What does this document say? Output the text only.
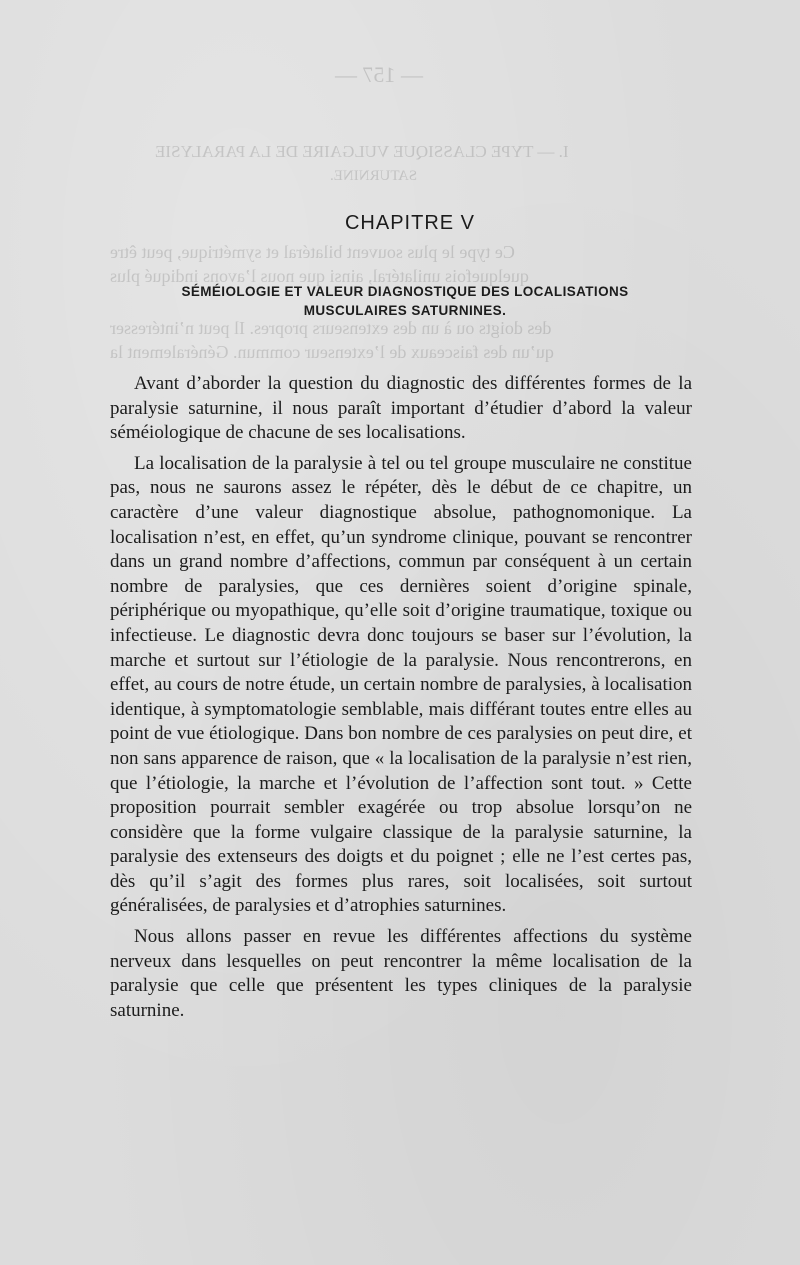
— 157 —
I. — TYPE CLASSIQUE VULGAIRE DE LA PARALYSIE
SATURNINE.
Ce type le plus souvent bilatéral et symétrique, peut être
quelquefois unilatéral, ainsi que nous l’avons indiqué plus
des doigts ou à un des extenseurs propres. Il peut n’intéresser
qu’un des faisceaux de l’extenseur commun. Généralement la
CHAPITRE V
SÉMÉIOLOGIE ET VALEUR DIAGNOSTIQUE DES LOCALISATIONS
MUSCULAIRES SATURNINES.

Avant d’aborder la question du diagnostic des différentes formes de la paralysie saturnine, il nous paraît important d’étudier d’abord la valeur séméiologique de chacune de ses localisations.

La localisation de la paralysie à tel ou tel groupe musculaire ne constitue pas, nous ne saurons assez le répéter, dès le début de ce chapitre, un caractère d’une valeur diagnostique absolue, pathognomonique. La localisation n’est, en effet, qu’un syndrome clinique, pouvant se rencontrer dans un grand nombre d’affections, commun par conséquent à un certain nombre de paralysies, que ces dernières soient d’origine spinale, périphérique ou myopathique, qu’elle soit d’origine traumatique, toxique ou infectieuse. Le diagnostic devra donc toujours se baser sur l’évolution, la marche et surtout sur l’étiologie de la paralysie. Nous rencontrerons, en effet, au cours de notre étude, un certain nombre de paralysies, à localisation identique, à symptomatologie semblable, mais différant toutes entre elles au point de vue étiologique. Dans bon nombre de ces paralysies on peut dire, et non sans apparence de raison, que « la localisation de la paralysie n’est rien, que l’étiologie, la marche et l’évolution de l’affection sont tout. » Cette proposition pourrait sembler exagérée ou trop absolue lorsqu’on ne considère que la forme vulgaire classique de la paralysie saturnine, la paralysie des extenseurs des doigts et du poignet ; elle ne l’est certes pas, dès qu’il s’agit des formes plus rares, soit localisées, soit surtout généralisées, de paralysies et d’atrophies saturnines.

Nous allons passer en revue les différentes affections du système nerveux dans lesquelles on peut rencontrer la même localisation de la paralysie que celle que présentent les types cliniques de la paralysie saturnine.
